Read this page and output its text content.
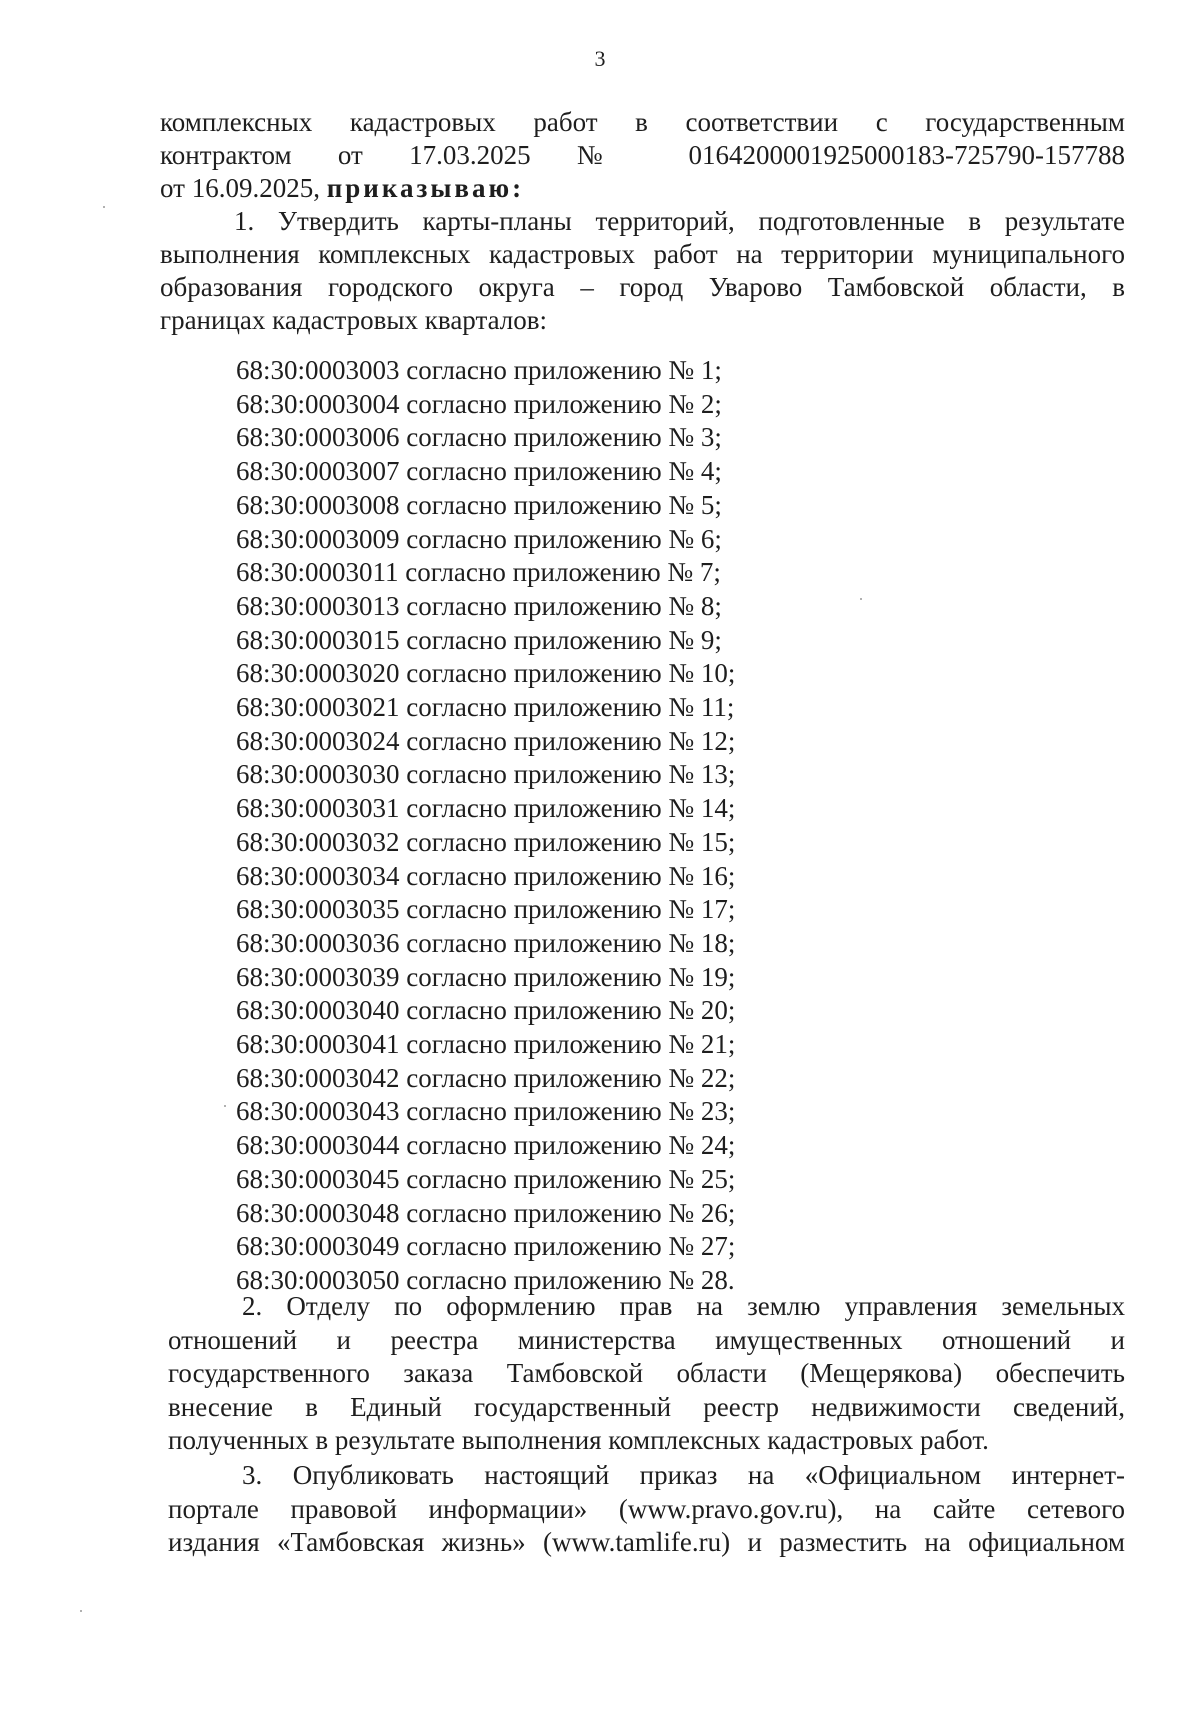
3
комплексных кадастровых работ в соответствии с государственным
контрактом от 17.03.2025 № 0164200001925000183-725790-157788
от 16.09.2025, приказываю:
1. Утвердить карты-планы территорий, подготовленные в результате
выполнения комплексных кадастровых работ на территории муниципального
образования городского округа – город Уварово Тамбовской области, в
границах кадастровых кварталов:
68:30:0003003 согласно приложению № 1;
68:30:0003004 согласно приложению № 2;
68:30:0003006 согласно приложению № 3;
68:30:0003007 согласно приложению № 4;
68:30:0003008 согласно приложению № 5;
68:30:0003009 согласно приложению № 6;
68:30:0003011 согласно приложению № 7;
68:30:0003013 согласно приложению № 8;
68:30:0003015 согласно приложению № 9;
68:30:0003020 согласно приложению № 10;
68:30:0003021 согласно приложению № 11;
68:30:0003024 согласно приложению № 12;
68:30:0003030 согласно приложению № 13;
68:30:0003031 согласно приложению № 14;
68:30:0003032 согласно приложению № 15;
68:30:0003034 согласно приложению № 16;
68:30:0003035 согласно приложению № 17;
68:30:0003036 согласно приложению № 18;
68:30:0003039 согласно приложению № 19;
68:30:0003040 согласно приложению № 20;
68:30:0003041 согласно приложению № 21;
68:30:0003042 согласно приложению № 22;
68:30:0003043 согласно приложению № 23;
68:30:0003044 согласно приложению № 24;
68:30:0003045 согласно приложению № 25;
68:30:0003048 согласно приложению № 26;
68:30:0003049 согласно приложению № 27;
68:30:0003050 согласно приложению № 28.
2. Отделу по оформлению прав на землю управления земельных
отношений и реестра министерства имущественных отношений и
государственного заказа Тамбовской области (Мещерякова) обеспечить
внесение в Единый государственный реестр недвижимости сведений,
полученных в результате выполнения комплексных кадастровых работ.
3. Опубликовать настоящий приказ на «Официальном интернет-
портале правовой информации» (www.pravo.gov.ru), на сайте сетевого
издания «Тамбовская жизнь» (www.tamlife.ru) и разместить на официальном
